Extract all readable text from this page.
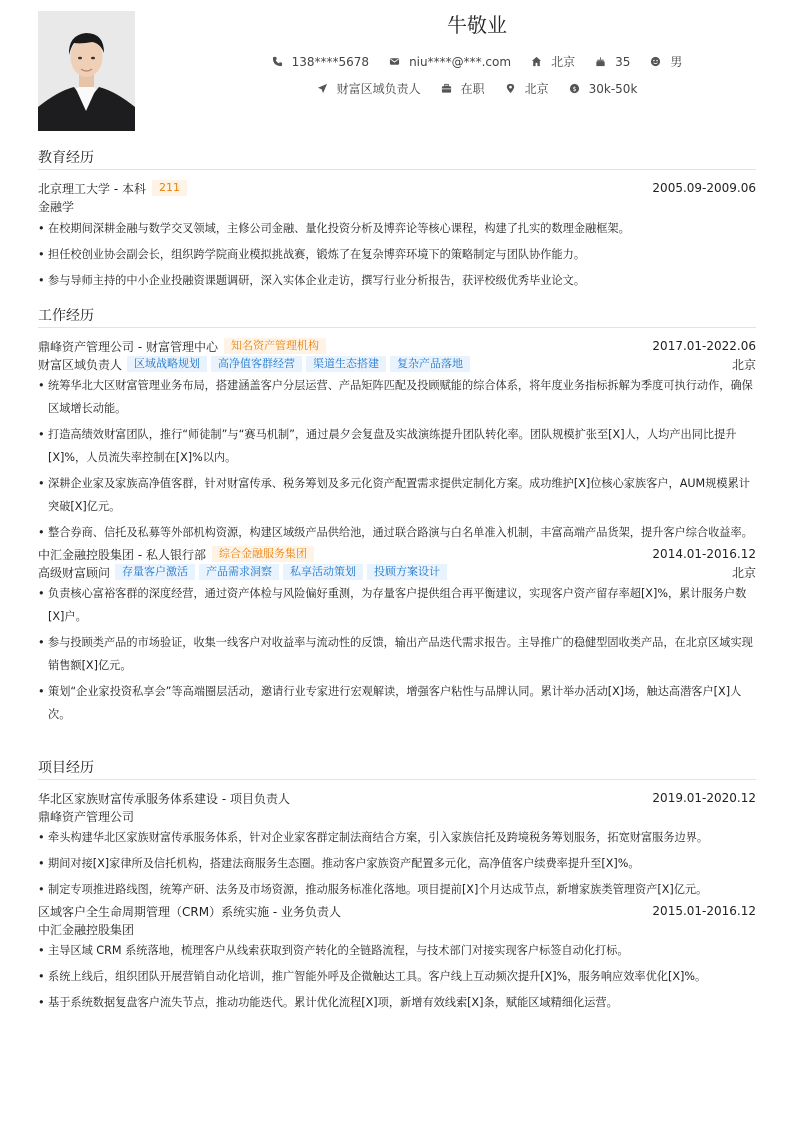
牛敬业
138****5678	niu****@***.com	北京	35	男
财富区域负责人	在职	北京	$ 30k-50k
教育经历
北京理工大学 - 本科	211	2005.09-2009.06
金融学
• 在校期间深耕金融与数学交叉领域，主修公司金融、量化投资分析及博弈论等核心课程，构建了扎实的数理金融框架。
• 担任校创业协会副会长，组织跨学院商业模拟挑战赛，锻炼了在复杂博弈环境下的策略制定与团队协作能力。
• 参与导师主持的中小企业投融资课题调研，深入实体企业走访，撰写行业分析报告，获评校级优秀毕业论文。
工作经历
鼎峰资产管理公司 - 财富管理中心	知名资产管理机构	2017.01-2022.06
财富区域负责人	区域战略规划	高净值客群经营	渠道生态搭建	复杂产品落地	北京
• 统筹华北大区财富管理业务布局，搭建涵盖客户分层运营、产品矩阵匹配及投顾赋能的综合体系，将年度业务指标拆解为季度可执行动作，确保区域增长动能。
• 打造高绩效财富团队，推行“师徒制”与“赛马机制”，通过晨夕会复盘及实战演练提升团队转化率。团队规模扩张至[X]人，人均产出同比提升[X]%，人员流失率控制在[X]%以内。
• 深耕企业家及家族高净值客群，针对财富传承、税务筹划及多元化资产配置需求提供定制化方案。成功维护[X]位核心家族客户，AUM规模累计突破[X]亿元。
• 整合券商、信托及私募等外部机构资源，构建区域级产品供给池，通过联合路演与白名单准入机制，丰富高端产品货架，提升客户综合收益率。
中汇金融控股集团 - 私人银行部	综合金融服务集团	2014.01-2016.12
高级财富顾问	存量客户激活	产品需求洞察	私享活动策划	投顾方案设计	北京
• 负责核心富裕客群的深度经营，通过资产体检与风险偏好重测，为存量客户提供组合再平衡建议，实现客户资产留存率超[X]%，累计服务户数[X]户。
• 参与投顾类产品的市场验证，收集一线客户对收益率与流动性的反馈，输出产品迭代需求报告。主导推广的稳健型固收类产品，在北京区域实现销售额[X]亿元。
• 策划“企业家投资私享会”等高端圈层活动，邀请行业专家进行宏观解读，增强客户粘性与品牌认同。累计举办活动[X]场，触达高潜客户[X]人次。
项目经历
华北区家族财富传承服务体系建设 - 项目负责人	2019.01-2020.12
鼎峰资产管理公司
• 牵头构建华北区家族财富传承服务体系，针对企业家客群定制法商结合方案，引入家族信托及跨境税务筹划服务，拓宽财富服务边界。
• 期间对接[X]家律所及信托机构，搭建法商服务生态圈。推动客户家族资产配置多元化，高净值客户续费率提升至[X]%。
• 制定专项推进路线图，统筹产研、法务及市场资源，推动服务标准化落地。项目提前[X]个月达成节点，新增家族类管理资产[X]亿元。
区域客户全生命周期管理（CRM）系统实施 - 业务负责人	2015.01-2016.12
中汇金融控股集团
• 主导区域 CRM 系统落地，梳理客户从线索获取到资产转化的全链路流程，与技术部门对接实现客户标签自动化打标。
• 系统上线后，组织团队开展营销自动化培训，推广智能外呼及企微触达工具。客户线上互动频次提升[X]%，服务响应效率优化[X]%。
• 基于系统数据复盘客户流失节点，推动功能迭代。累计优化流程[X]项，新增有效线索[X]条，赋能区域精细化运营。
